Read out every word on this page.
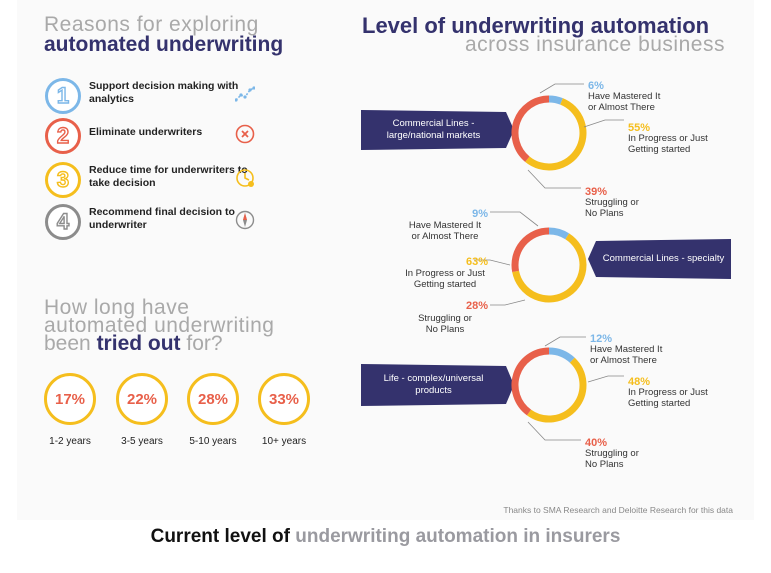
Reasons for exploring
automated underwriting
1	Support decision making with analytics
2	Eliminate underwriters
3	Reduce time for underwriters to take decision
4	Recommend final decision to underwriter
How long have
automated underwriting
been tried out for?
17%
1-2 years
22%
3-5 years
28%
5-10 years
33%
10+ years
Level of underwriting automation
across insurance business
Commercial Lines - large/national markets
6%
Have Mastered It
or Almost There
55%
In Progress or Just
Getting started
39%
Struggling or
No Plans
Commercial Lines - specialty
9%
Have Mastered It
or Almost There
63%
In Progress or Just
Getting started
28%
Struggling or
No Plans
Life - complex/universal products
12%
Have Mastered It
or Almost There
48%
In Progress or Just
Getting started
40%
Struggling or
No Plans
Thanks to SMA Research and Deloitte Research for this data
Current level of underwriting automation in insurers
